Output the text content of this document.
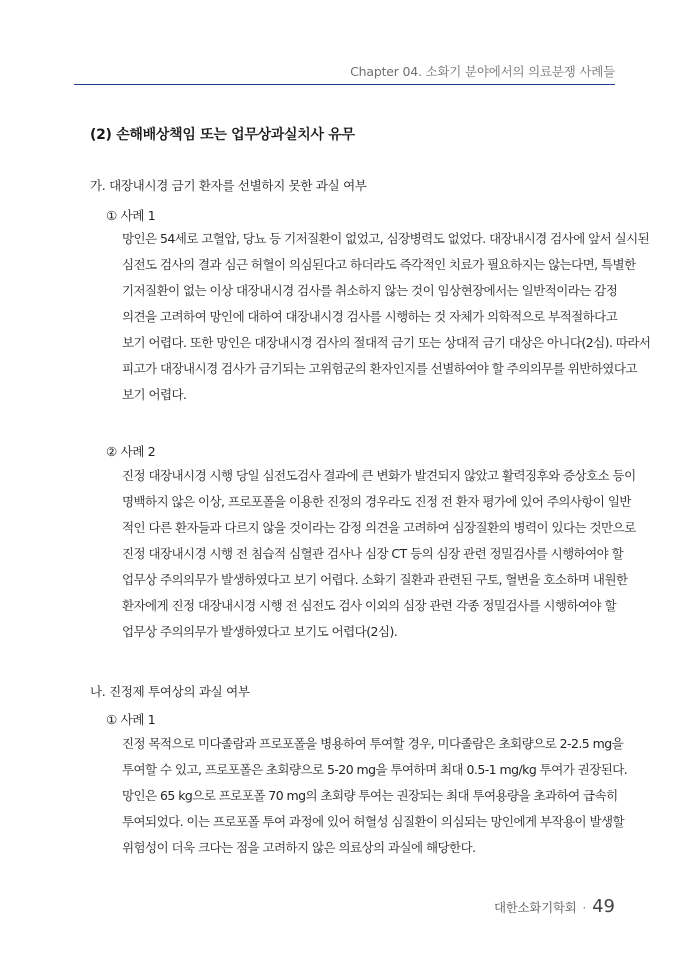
Chapter 04. 소화기 분야에서의 의료분쟁 사례들
(2) 손해배상책임 또는 업무상과실치사 유무
가. 대장내시경 금기 환자를 선별하지 못한 과실 여부
① 사례 1
망인은 54세로 고혈압, 당뇨 등 기저질환이 없었고, 심장병력도 없었다. 대장내시경 검사에 앞서 실시된
심전도 검사의 결과 심근 허혈이 의심된다고 하더라도 즉각적인 치료가 필요하지는 않는다면, 특별한
기저질환이 없는 이상 대장내시경 검사를 취소하지 않는 것이 임상현장에서는 일반적이라는 감정
의견을 고려하여 망인에 대하여 대장내시경 검사를 시행하는 것 자체가 의학적으로 부적절하다고
보기 어렵다. 또한 망인은 대장내시경 검사의 절대적 금기 또는 상대적 금기 대상은 아니다(2심). 따라서
피고가 대장내시경 검사가 금기되는 고위험군의 환자인지를 선별하여야 할 주의의무를 위반하였다고
보기 어렵다.
② 사례 2
진정 대장내시경 시행 당일 심전도검사 결과에 큰 변화가 발견되지 않았고 활력징후와 증상호소 등이
명백하지 않은 이상, 프로포폴을 이용한 진정의 경우라도 진정 전 환자 평가에 있어 주의사항이 일반
적인 다른 환자들과 다르지 않을 것이라는 감정 의견을 고려하여 심장질환의 병력이 있다는 것만으로
진정 대장내시경 시행 전 침습적 심혈관 검사나 심장 CT 등의 심장 관련 정밀검사를 시행하여야 할
업무상 주의의무가 발생하였다고 보기 어렵다. 소화기 질환과 관련된 구토, 혈변을 호소하며 내원한
환자에게 진정 대장내시경 시행 전 심전도 검사 이외의 심장 관련 각종 정밀검사를 시행하여야 할
업무상 주의의무가 발생하였다고 보기도 어렵다(2심).
나. 진정제 투여상의 과실 여부
① 사례 1
진정 목적으로 미다졸람과 프로포폴을 병용하여 투여할 경우, 미다졸람은 초회량으로 2-2.5 mg을
투여할 수 있고, 프로포폴은 초회량으로 5-20 mg을 투여하며 최대 0.5-1 mg/kg 투여가 권장된다.
망인은 65 kg으로 프로포폴 70 mg의 초회량 투여는 권장되는 최대 투여용량을 초과하여 급속히
투여되었다. 이는 프로포폴 투여 과정에 있어 허혈성 심질환이 의심되는 망인에게 부작용이 발생할
위험성이 더욱 크다는 점을 고려하지 않은 의료상의 과실에 해당한다.
대한소화기학회 · 49
